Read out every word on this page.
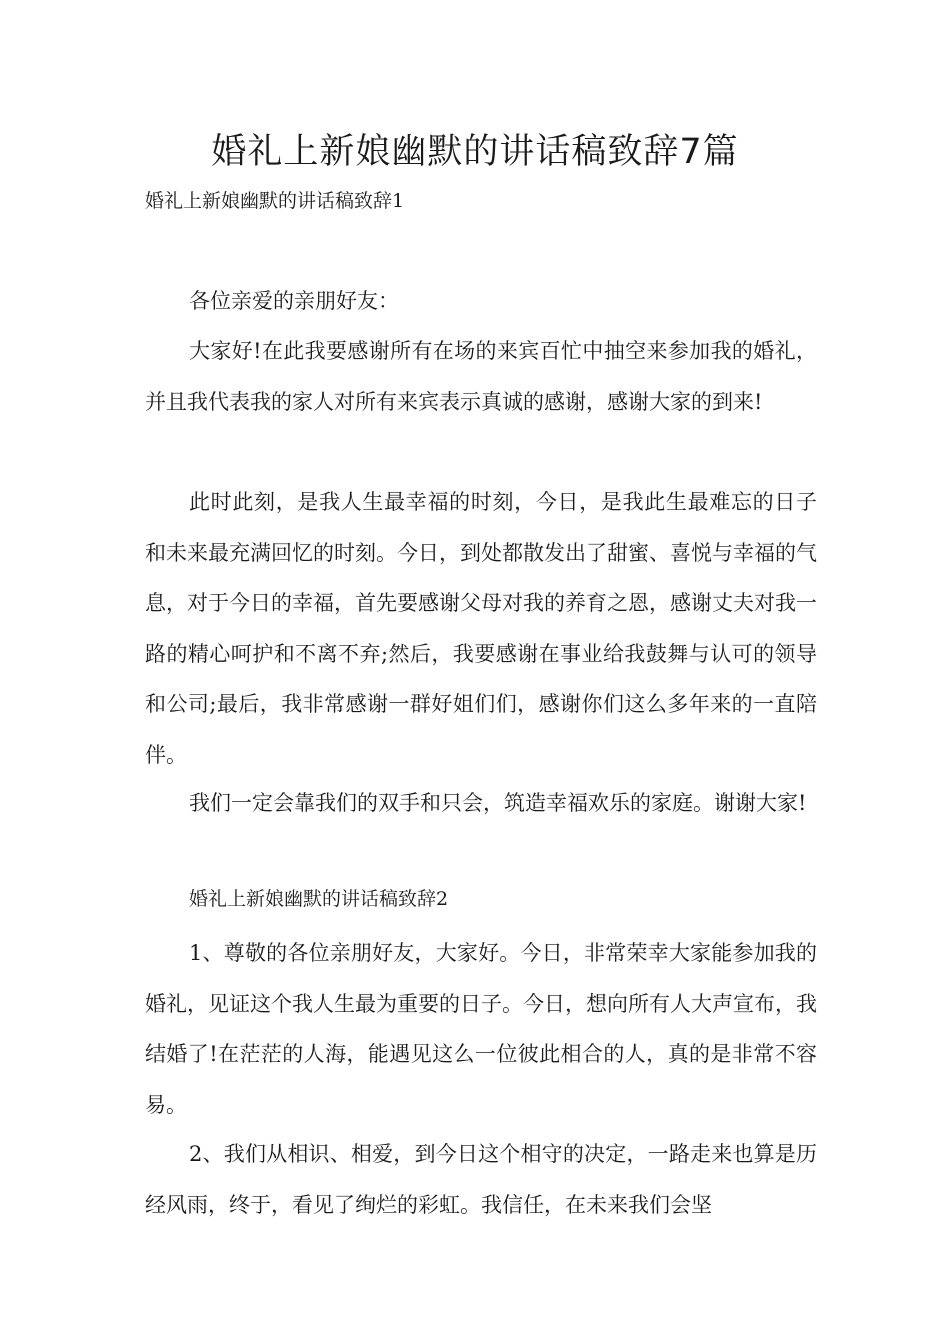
婚礼上新娘幽默的讲话稿致辞7篇

婚礼上新娘幽默的讲话稿致辞1

各位亲爱的亲朋好友：

大家好!在此我要感谢所有在场的来宾百忙中抽空来参加我的婚礼，并且我代表我的家人对所有来宾表示真诚的感谢，感谢大家的到来!

此时此刻，是我人生最幸福的时刻，今日，是我此生最难忘的日子和未来最充满回忆的时刻。今日，到处都散发出了甜蜜、喜悦与幸福的气息，对于今日的幸福，首先要感谢父母对我的养育之恩，感谢丈夫对我一路的精心呵护和不离不弃;然后，我要感谢在事业给我鼓舞与认可的领导和公司;最后，我非常感谢一群好姐们们，感谢你们这么多年来的一直陪伴。

我们一定会靠我们的双手和只会，筑造幸福欢乐的家庭。谢谢大家!

婚礼上新娘幽默的讲话稿致辞2

1、尊敬的各位亲朋好友，大家好。今日，非常荣幸大家能参加我的婚礼，见证这个我人生最为重要的日子。今日，想向所有人大声宣布，我结婚了!在茫茫的人海，能遇见这么一位彼此相合的人，真的是非常不容易。

2、我们从相识、相爱，到今日这个相守的决定，一路走来也算是历经风雨，终于，看见了绚烂的彩虹。我信任，在未来我们会坚
